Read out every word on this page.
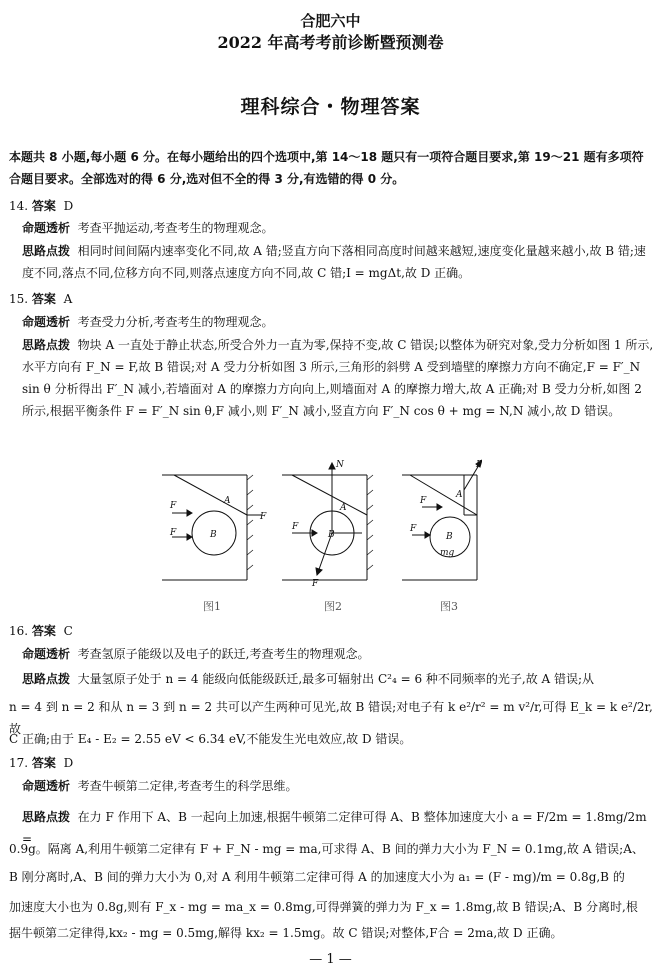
合肥六中
2022 年高考考前诊断暨预测卷
理科综合・物理答案
本题共 8 小题,每小题 6 分。在每小题给出的四个选项中,第 14～18 题只有一项符合题目要求,第 19～21 题有多项符合题目要求。全部选对的得 6 分,选对但不全的得 3 分,有选错的得 0 分。
14. 答案 D
命题透析 考查平抛运动,考查考生的物理观念。
思路点拨 相同时间间隔内速率变化不同,故 A 错;竖直方向下落相同高度时间越来越短,速度变化量越来越小,故 B 错;速度不同,落点不同,位移方向不同,则落点速度方向不同,故 C 错;I = mgΔt,故 D 正确。
15. 答案 A
命题透析 考查受力分析,考查考生的物理观念。
思路点拨 物块 A 一直处于静止状态,所受合外力一直为零,保持不变,故 C 错误;以整体为研究对象,受力分析如图 1 所示,水平方向有 F_N = F,故 B 错误;对 A 受力分析如图 3 所示,三角形的斜劈 A 受到墙壁的摩擦力方向不确定,F = F′_N sin θ 分析得出 F′_N 减小,若墙面对 A 的摩擦力方向向上,则墙面对 A 的摩擦力增大,故 A 正确;对 B 受力分析,如图 2 所示,根据平衡条件 F = F′_N sin θ,F 减小,则 F′_N 减小,竖直方向 F′_N cos θ + mg = N,N 减小,故 D 错误。
A
B
F
F
F
N
F
B
F
A
A
B
F
F
F
mg
图1	图2	图3
16. 答案 C
命题透析 考查氢原子能级以及电子的跃迁,考查考生的物理观念。
思路点拨 大量氢原子处于 n = 4 能级向低能级跃迁,最多可辐射出 C²₄ = 6 种不同频率的光子,故 A 错误;从
n = 4 到 n = 2 和从 n = 3 到 n = 2 共可以产生两种可见光,故 B 错误;对电子有 k e²/r² = m v²/r,可得 E_k = k e²/2r,故
C 正确;由于 E₄ - E₂ = 2.55 eV < 6.34 eV,不能发生光电效应,故 D 错误。
17. 答案 D
命题透析 考查牛顿第二定律,考查考生的科学思维。
思路点拨 在力 F 作用下 A、B 一起向上加速,根据牛顿第二定律可得 A、B 整体加速度大小 a = F/2m = 1.8mg/2m =
0.9g。隔离 A,利用牛顿第二定律有 F + F_N - mg = ma,可求得 A、B 间的弹力大小为 F_N = 0.1mg,故 A 错误;A、
B 刚分离时,A、B 间的弹力大小为 0,对 A 利用牛顿第二定律可得 A 的加速度大小为 a₁ = (F - mg)/m = 0.8g,B 的
加速度大小也为 0.8g,则有 F_x - mg = ma_x = 0.8mg,可得弹簧的弹力为 F_x = 1.8mg,故 B 错误;A、B 分离时,根
据牛顿第二定律得,kx₂ - mg = 0.5mg,解得 kx₂ = 1.5mg。故 C 错误;对整体,F合 = 2ma,故 D 正确。
— 1 —
